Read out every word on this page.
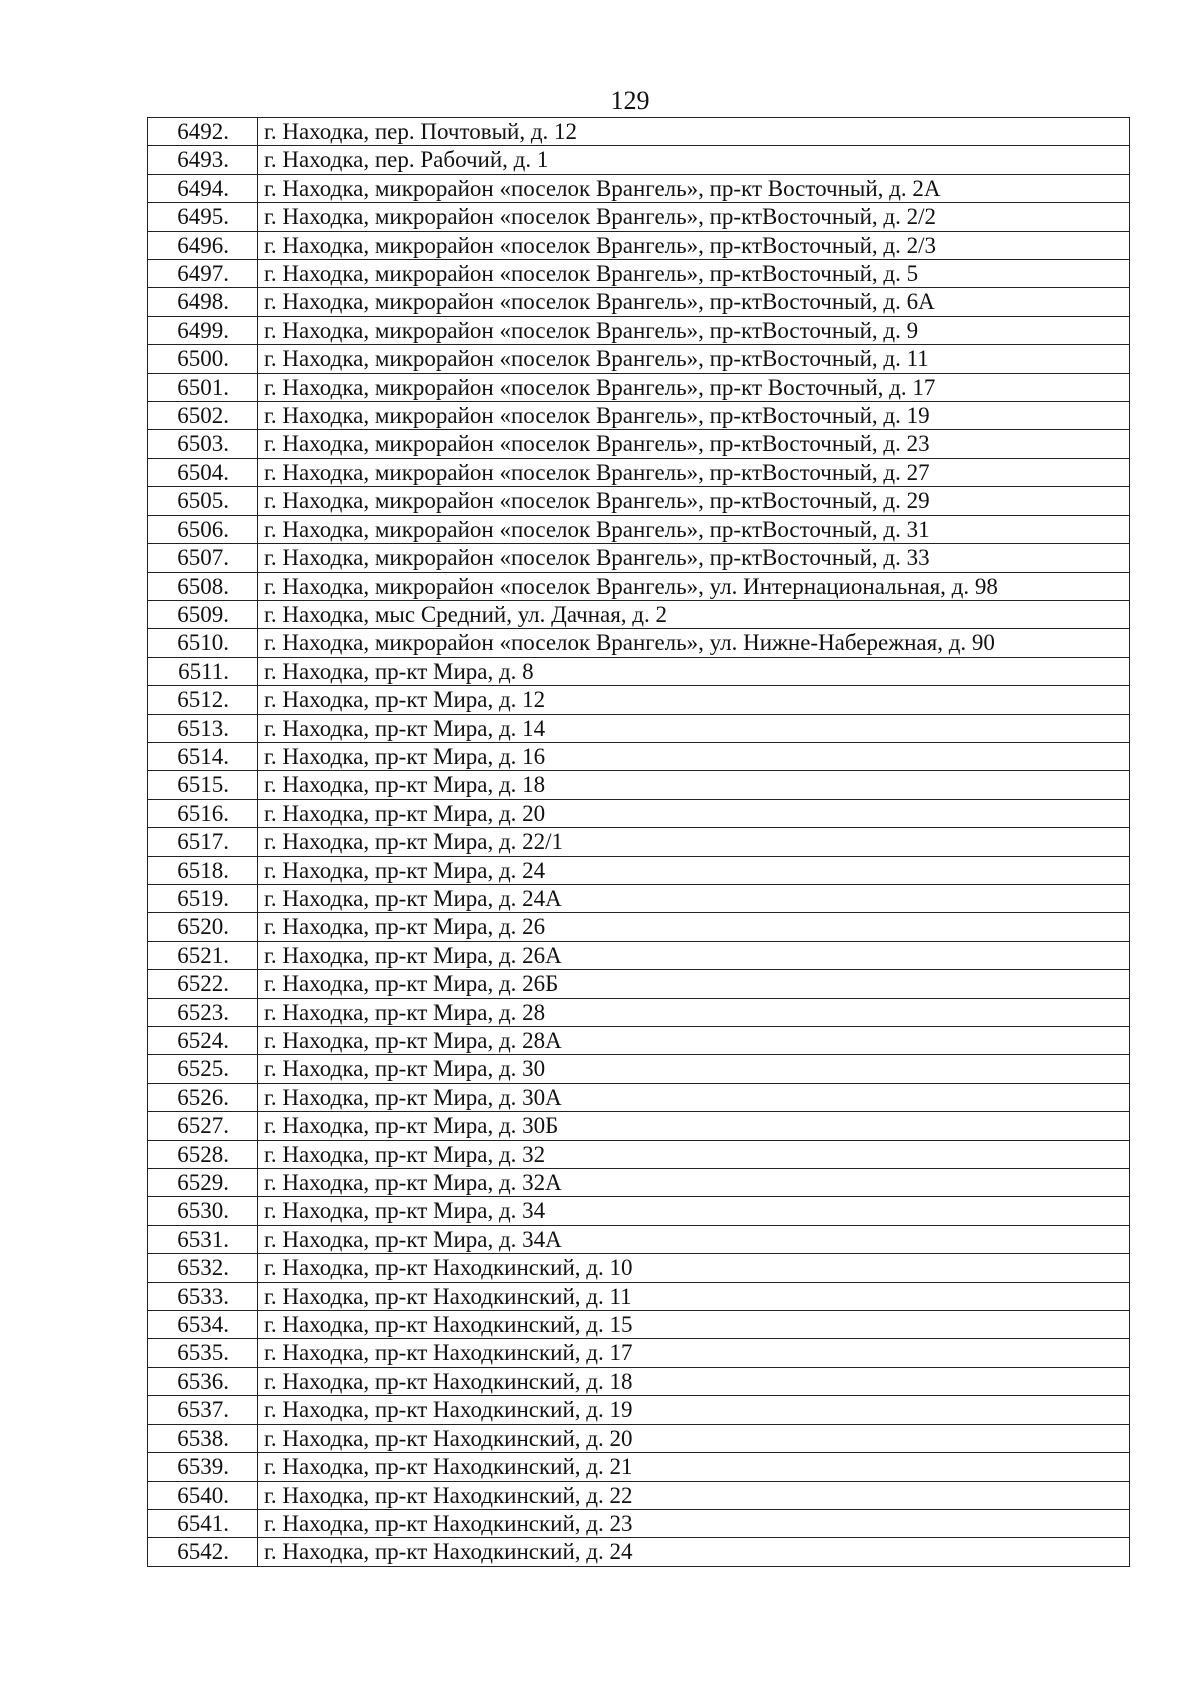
129
6492.	г. Находка, пер. Почтовый, д. 12
6493.	г. Находка, пер. Рабочий, д. 1
6494.	г. Находка, микрорайон «поселок Врангель», пр-кт Восточный, д. 2А
6495.	г. Находка, микрорайон «поселок Врангель», пр-ктВосточный, д. 2/2
6496.	г. Находка, микрорайон «поселок Врангель», пр-ктВосточный, д. 2/3
6497.	г. Находка, микрорайон «поселок Врангель», пр-ктВосточный, д. 5
6498.	г. Находка, микрорайон «поселок Врангель», пр-ктВосточный, д. 6А
6499.	г. Находка, микрорайон «поселок Врангель», пр-ктВосточный, д. 9
6500.	г. Находка, микрорайон «поселок Врангель», пр-ктВосточный, д. 11
6501.	г. Находка, микрорайон «поселок Врангель», пр-кт Восточный, д. 17
6502.	г. Находка, микрорайон «поселок Врангель», пр-ктВосточный, д. 19
6503.	г. Находка, микрорайон «поселок Врангель», пр-ктВосточный, д. 23
6504.	г. Находка, микрорайон «поселок Врангель», пр-ктВосточный, д. 27
6505.	г. Находка, микрорайон «поселок Врангель», пр-ктВосточный, д. 29
6506.	г. Находка, микрорайон «поселок Врангель», пр-ктВосточный, д. 31
6507.	г. Находка, микрорайон «поселок Врангель», пр-ктВосточный, д. 33
6508.	г. Находка, микрорайон «поселок Врангель», ул. Интернациональная, д. 98
6509.	г. Находка, мыс Средний, ул. Дачная, д. 2
6510.	г. Находка, микрорайон «поселок Врангель», ул. Нижне-Набережная, д. 90
6511.	г. Находка, пр-кт Мира, д. 8
6512.	г. Находка, пр-кт Мира, д. 12
6513.	г. Находка, пр-кт Мира, д. 14
6514.	г. Находка, пр-кт Мира, д. 16
6515.	г. Находка, пр-кт Мира, д. 18
6516.	г. Находка, пр-кт Мира, д. 20
6517.	г. Находка, пр-кт Мира, д. 22/1
6518.	г. Находка, пр-кт Мира, д. 24
6519.	г. Находка, пр-кт Мира, д. 24А
6520.	г. Находка, пр-кт Мира, д. 26
6521.	г. Находка, пр-кт Мира, д. 26А
6522.	г. Находка, пр-кт Мира, д. 26Б
6523.	г. Находка, пр-кт Мира, д. 28
6524.	г. Находка, пр-кт Мира, д. 28А
6525.	г. Находка, пр-кт Мира, д. 30
6526.	г. Находка, пр-кт Мира, д. 30А
6527.	г. Находка, пр-кт Мира, д. 30Б
6528.	г. Находка, пр-кт Мира, д. 32
6529.	г. Находка, пр-кт Мира, д. 32А
6530.	г. Находка, пр-кт Мира, д. 34
6531.	г. Находка, пр-кт Мира, д. 34А
6532.	г. Находка, пр-кт Находкинский, д. 10
6533.	г. Находка, пр-кт Находкинский, д. 11
6534.	г. Находка, пр-кт Находкинский, д. 15
6535.	г. Находка, пр-кт Находкинский, д. 17
6536.	г. Находка, пр-кт Находкинский, д. 18
6537.	г. Находка, пр-кт Находкинский, д. 19
6538.	г. Находка, пр-кт Находкинский, д. 20
6539.	г. Находка, пр-кт Находкинский, д. 21
6540.	г. Находка, пр-кт Находкинский, д. 22
6541.	г. Находка, пр-кт Находкинский, д. 23
6542.	г. Находка, пр-кт Находкинский, д. 24
